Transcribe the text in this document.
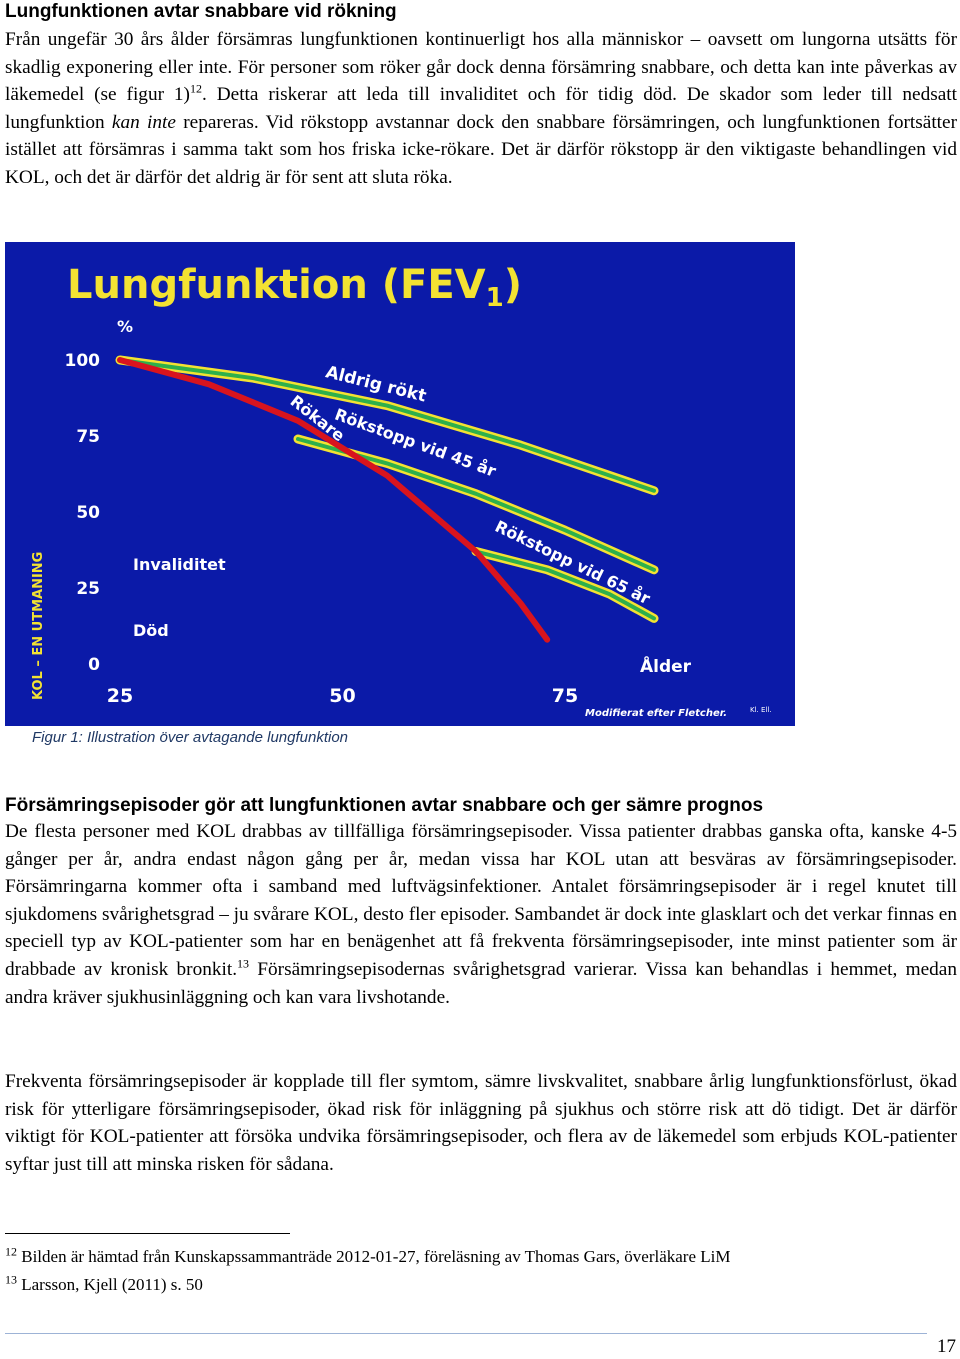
Lungfunktionen avtar snabbare vid rökning
Från ungefär 30 års ålder försämras lungfunktionen kontinuerligt hos alla människor – oavsett om lungorna utsätts för skadlig exponering eller inte. För personer som röker går dock denna försämring snabbare, och detta kan inte påverkas av läkemedel (se figur 1)$^{12}$. Detta riskerar att leda till invaliditet och för tidig död. De skador som leder till nedsatt lungfunktion kan inte repareras. Vid rökstopp avstannar dock den snabbare försämringen, och lungfunktionen fortsätter istället att försämras i samma takt som hos friska icke-rökare. Det är därför rökstopp är den viktigaste behandlingen vid KOL, och det är därför det aldrig är för sent att sluta röka.
Lungfunktion $(FEV_1)$
%
100
75
50
25
0
25	50	75
Aldrig rökt
Rökstopp vid 45 år
Rökare
Rökstopp vid 65 år
Invaliditet
Död
Ålder
KOL – EN UTMANING
Modifierat efter Fletcher.	Kl. Ell.
Figur 1: Illustration över avtagande lungfunktion
Försämringsepisoder gör att lungfunktionen avtar snabbare och ger sämre prognos
De flesta personer med KOL drabbas av tillfälliga försämringsepisoder. Vissa patienter drabbas ganska ofta, kanske 4-5 gånger per år, andra endast någon gång per år, medan vissa har KOL utan att besväras av försämringsepisoder. Försämringarna kommer ofta i samband med luftvägsinfektioner. Antalet försämringsepisoder är i regel knutet till sjukdomens svårighetsgrad – ju svårare KOL, desto fler episoder. Sambandet är dock inte glasklart och det verkar finnas en speciell typ av KOL-patienter som har en benägenhet att få frekventa försämringsepisoder, inte minst patienter som är drabbade av kronisk bronkit.$^{13}$ Försämringsepisodernas svårighetsgrad varierar. Vissa kan behandlas i hemmet, medan andra kräver sjukhusinläggning och kan vara livshotande.
Frekventa försämringsepisoder är kopplade till fler symtom, sämre livskvalitet, snabbare årlig lungfunktionsförlust, ökad risk för ytterligare försämringsepisoder, ökad risk för inläggning på sjukhus och större risk att dö tidigt. Det är därför viktigt för KOL-patienter att försöka undvika försämringsepisoder, och flera av de läkemedel som erbjuds KOL-patienter syftar just till att minska risken för sådana.
$^{12}$ Bilden är hämtad från Kunskapssammanträde 2012-01-27, föreläsning av Thomas Gars, överläkare LiM
$^{13}$ Larsson, Kjell (2011) s. 50
17
